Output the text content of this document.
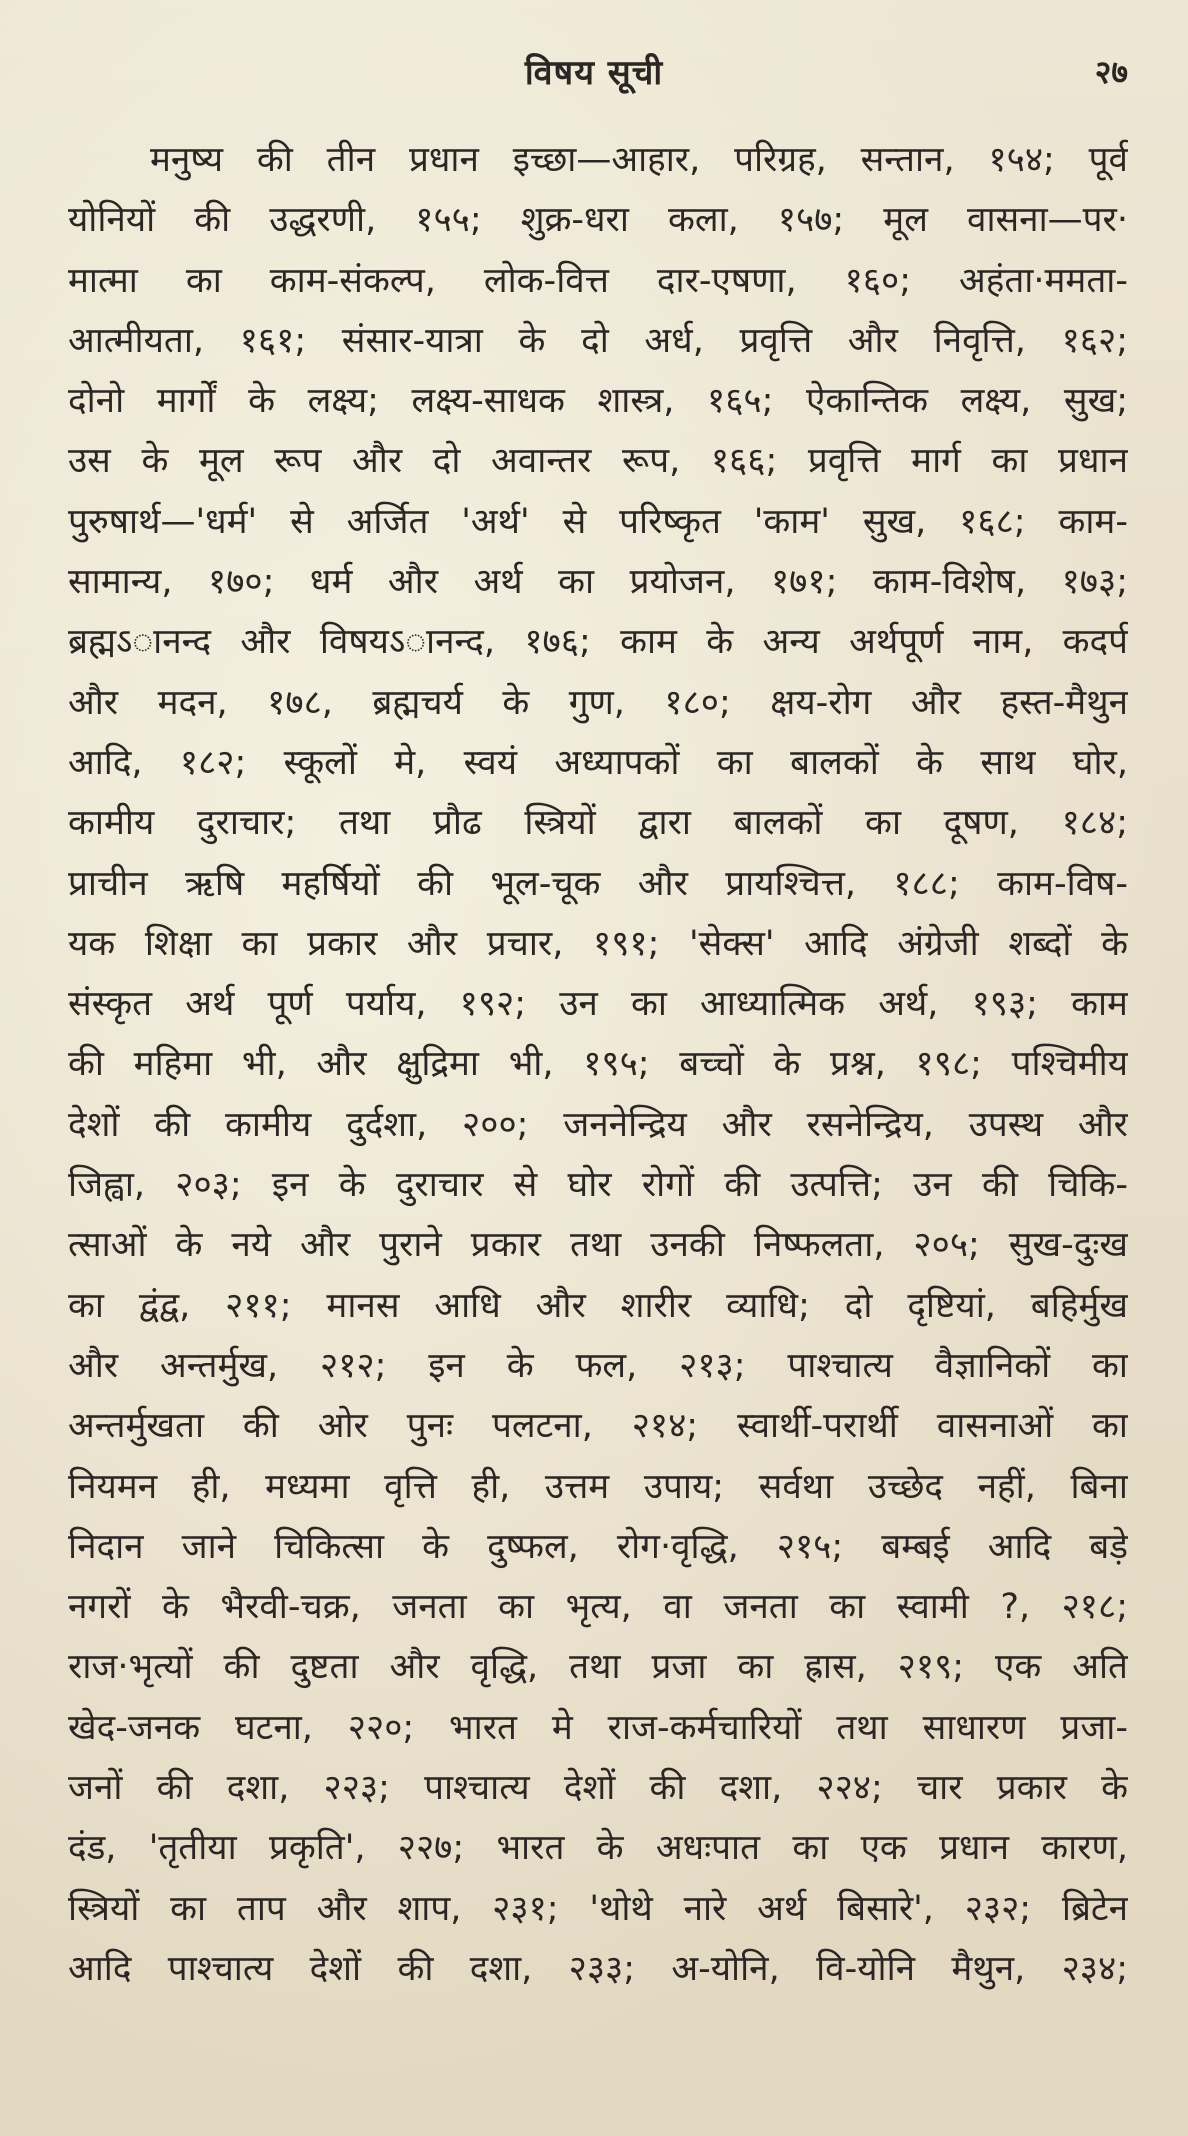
विषय सूची	२७
मनुष्य की तीन प्रधान इच्छा—आहार, परिग्रह, सन्तान, १५४; पूर्व
योनियों की उद्धरणी, १५५; शुक्र-धरा कला, १५७; मूल वासना—पर·
मात्मा का काम-संकल्प, लोक-वित्त दार-एषणा, १६०; अहंता·ममता-
आत्मीयता, १६१; संसार-यात्रा के दो अर्ध, प्रवृत्ति और निवृत्ति, १६२;
दोनो मार्गों के लक्ष्य; लक्ष्य-साधक शास्त्र, १६५; ऐकान्तिक लक्ष्य, सुख;
उस के मूल रूप और दो अवान्तर रूप, १६६; प्रवृत्ति मार्ग का प्रधान
पुरुषार्थ—'धर्म' से अर्जित 'अर्थ' से परिष्कृत 'काम' सुख, १६८; काम-
सामान्य, १७०; धर्म और अर्थ का प्रयोजन, १७१; काम-विशेष, १७३;
ब्रह्मऽानन्द और विषयऽानन्द, १७६; काम के अन्य अर्थपूर्ण नाम, कदर्प
और मदन, १७८, ब्रह्मचर्य के गुण, १८०; क्षय-रोग और हस्त-मैथुन
आदि, १८२; स्कूलों मे, स्वयं अध्यापकों का बालकों के साथ घोर,
कामीय दुराचार; तथा प्रौढ स्त्रियों द्वारा बालकों का दूषण, १८४;
प्राचीन ऋषि महर्षियों की भूल-चूक और प्रायश्चित्त, १८८; काम-विष-
यक शिक्षा का प्रकार और प्रचार, १९१; 'सेक्स' आदि अंग्रेजी शब्दों के
संस्कृत अर्थ पूर्ण पर्याय, १९२; उन का आध्यात्मिक अर्थ, १९३; काम
की महिमा भी, और क्षुद्रिमा भी, १९५; बच्चों के प्रश्न, १९८; पश्चिमीय
देशों की कामीय दुर्दशा, २००; जननेन्द्रिय और रसनेन्द्रिय, उपस्थ और
जिह्वा, २०३; इन के दुराचार से घोर रोगों की उत्पत्ति; उन की चिकि-
त्साओं के नये और पुराने प्रकार तथा उनकी निष्फलता, २०५; सुख-दुःख
का द्वंद्व, २११; मानस आधि और शारीर व्याधि; दो दृष्टियां, बहिर्मुख
और अन्तर्मुख, २१२; इन के फल, २१३; पाश्चात्य वैज्ञानिकों का
अन्तर्मुखता की ओर पुनः पलटना, २१४; स्वार्थी-परार्थी वासनाओं का
नियमन ही, मध्यमा वृत्ति ही, उत्तम उपाय; सर्वथा उच्छेद नहीं, बिना
निदान जाने चिकित्सा के दुष्फल, रोग·वृद्धि, २१५; बम्बई आदि बड़े
नगरों के भैरवी-चक्र, जनता का भृत्य, वा जनता का स्वामी ?, २१८;
राज·भृत्यों की दुष्टता और वृद्धि, तथा प्रजा का ह्रास, २१९; एक अति
खेद-जनक घटना, २२०; भारत मे राज-कर्मचारियों तथा साधारण प्रजा-
जनों की दशा, २२३; पाश्चात्य देशों की दशा, २२४; चार प्रकार के
दंड, 'तृतीया प्रकृति', २२७; भारत के अधःपात का एक प्रधान कारण,
स्त्रियों का ताप और शाप, २३१; 'थोथे नारे अर्थ बिसारे', २३२; ब्रिटेन
आदि पाश्चात्य देशों की दशा, २३३; अ-योनि, वि-योनि मैथुन, २३४;
